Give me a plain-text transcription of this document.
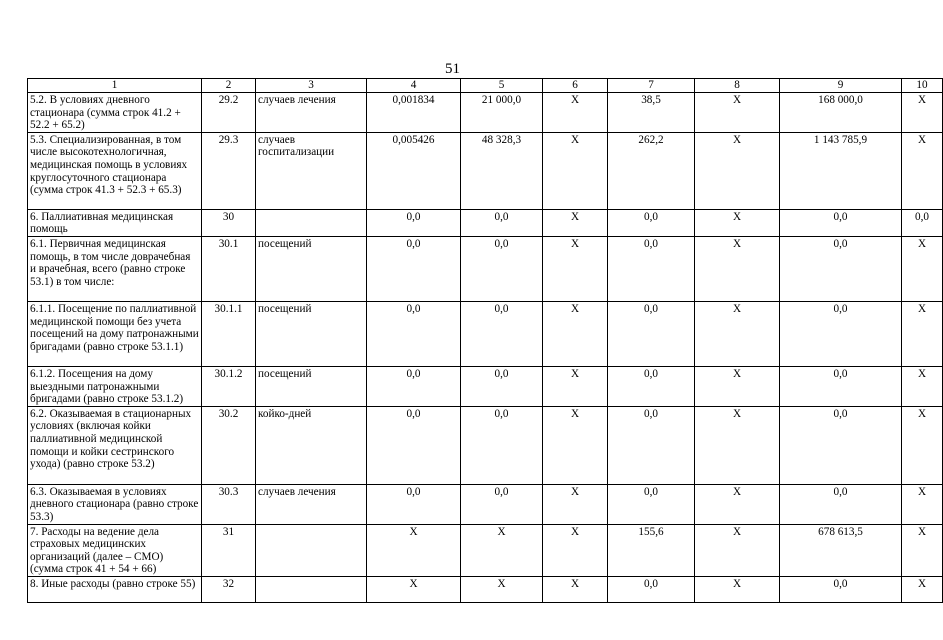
51
1	2	3	4	5	6	7	8	9	10

5.2. В условиях дневного стационара (сумма строк 41.2 + 52.2 + 65.2)	29.2	случаев лечения	0,001834	21 000,0	Х	38,5	Х	168 000,0	Х

5.3. Специализированная, в том числе высокотехнологичная, медицинская помощь в условиях круглосуточного стационара (сумма строк 41.3 + 52.3 + 65.3)	29.3	случаев госпитализации	0,005426	48 328,3	Х	262,2	Х	1 143 785,9	Х

6. Паллиативная медицинская помощь	30		0,0	0,0	Х	0,0	Х	0,0	0,0

6.1. Первичная медицинская помощь, в том числе доврачебная и врачебная, всего (равно строке 53.1) в том числе:	30.1	посещений	0,0	0,0	Х	0,0	Х	0,0	Х

6.1.1. Посещение по паллиативной медицинской помощи без учета посещений на дому патронажными бригадами (равно строке 53.1.1)	30.1.1	посещений	0,0	0,0	Х	0,0	Х	0,0	Х

6.1.2. Посещения на дому выездными патронажными бригадами (равно строке 53.1.2)	30.1.2	посещений	0,0	0,0	Х	0,0	Х	0,0	Х

6.2. Оказываемая в стационарных условиях (включая койки паллиативной медицинской помощи и койки сестринского ухода) (равно строке 53.2)	30.2	койко-дней	0,0	0,0	Х	0,0	Х	0,0	Х

6.3. Оказываемая в условиях дневного стационара (равно строке 53.3)	30.3	случаев лечения	0,0	0,0	Х	0,0	Х	0,0	Х

7. Расходы на ведение дела страховых медицинских организаций (далее – СМО) (сумма строк 41 + 54 + 66)	31		Х	Х	Х	155,6	Х	678 613,5	Х

8. Иные расходы (равно строке 55)	32		Х	Х	Х	0,0	Х	0,0	Х
